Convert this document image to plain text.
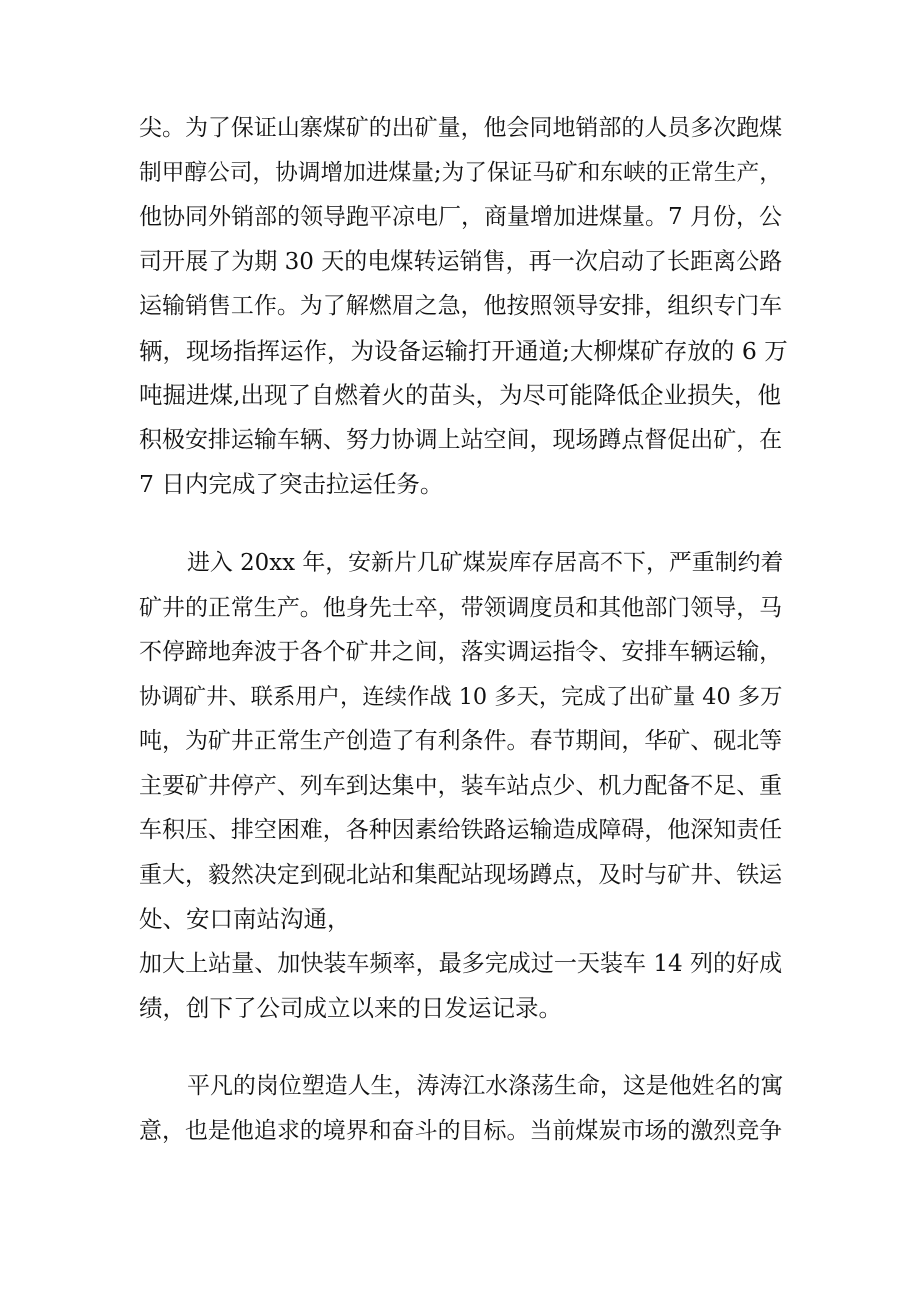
尖。为了保证山寨煤矿的出矿量，他会同地销部的人员多次跑煤
制甲醇公司，协调增加进煤量;为了保证马矿和东峡的正常生产，
他协同外销部的领导跑平凉电厂，商量增加进煤量。7 月份，公
司开展了为期 30 天的电煤转运销售，再一次启动了长距离公路
运输销售工作。为了解燃眉之急，他按照领导安排，组织专门车
辆，现场指挥运作，为设备运输打开通道;大柳煤矿存放的 6 万
吨掘进煤,出现了自燃着火的苗头，为尽可能降低企业损失，他
积极安排运输车辆、努力协调上站空间，现场蹲点督促出矿，在
7 日内完成了突击拉运任务。

进入 20xx 年，安新片几矿煤炭库存居高不下，严重制约着
矿井的正常生产。他身先士卒，带领调度员和其他部门领导，马
不停蹄地奔波于各个矿井之间，落实调运指令、安排车辆运输，
协调矿井、联系用户，连续作战 10 多天，完成了出矿量 40 多万
吨，为矿井正常生产创造了有利条件。春节期间，华矿、砚北等
主要矿井停产、列车到达集中，装车站点少、机力配备不足、重
车积压、排空困难，各种因素给铁路运输造成障碍，他深知责任
重大，毅然决定到砚北站和集配站现场蹲点，及时与矿井、铁运
处、安口南站沟通，
加大上站量、加快装车频率，最多完成过一天装车 14 列的好成
绩，创下了公司成立以来的日发运记录。

平凡的岗位塑造人生，涛涛江水涤荡生命，这是他姓名的寓
意，也是他追求的境界和奋斗的目标。当前煤炭市场的激烈竞争
